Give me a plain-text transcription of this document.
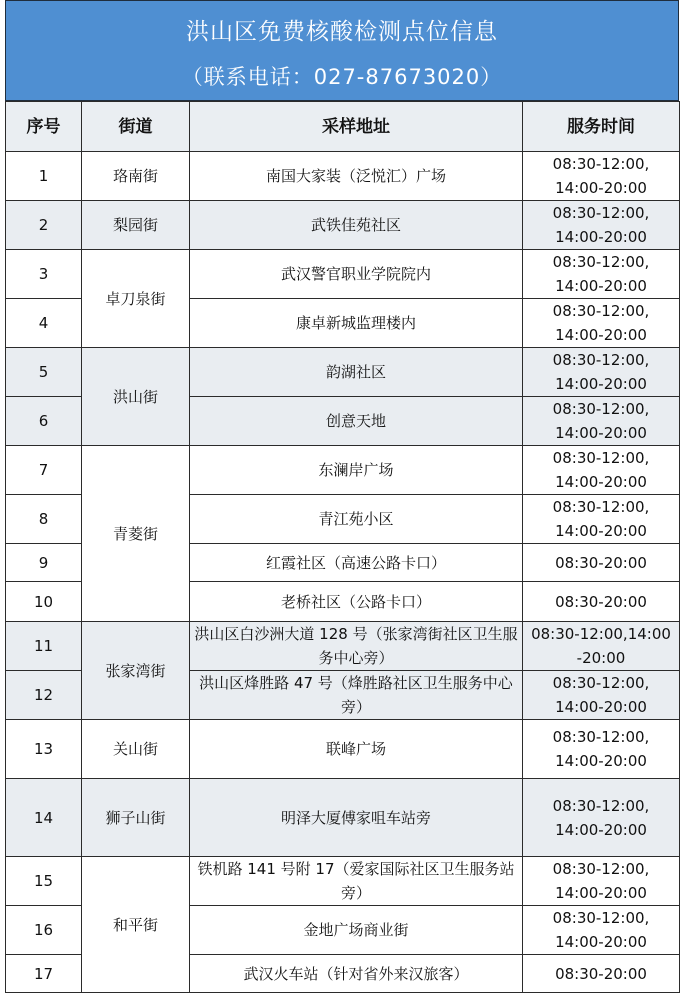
洪山区免费核酸检测点位信息
（联系电话：027-87673020）
序号	街道	采样地址	服务时间
1	珞南街	南国大家装（泛悦汇）广场	08:30-12:00,
14:00-20:00
2	梨园街	武铁佳苑社区	08:30-12:00,
14:00-20:00
3	卓刀泉街	武汉警官职业学院院内	08:30-12:00,
14:00-20:00
4		康卓新城监理楼内	08:30-12:00,
14:00-20:00
5	洪山街	韵湖社区	08:30-12:00,
14:00-20:00
6		创意天地	08:30-12:00,
14:00-20:00
7	青菱街	东澜岸广场	08:30-12:00,
14:00-20:00
8		青江苑小区	08:30-12:00,
14:00-20:00
9		红霞社区（高速公路卡口）	08:30-20:00
10		老桥社区（公路卡口）	08:30-20:00
11	张家湾街	洪山区白沙洲大道 128 号（张家湾街社区卫生服务中心旁）	08:30-12:00,14:00
-20:00
12		洪山区烽胜路 47 号（烽胜路社区卫生服务中心旁）	08:30-12:00,
14:00-20:00
13	关山街	联峰广场	08:30-12:00,
14:00-20:00
14	狮子山街	明泽大厦傅家咀车站旁	08:30-12:00,
14:00-20:00
15	和平街	铁机路 141 号附 17（爱家国际社区卫生服务站旁）	08:30-12:00,
14:00-20:00
16		金地广场商业街	08:30-12:00,
14:00-20:00
17		武汉火车站（针对省外来汉旅客）	08:30-20:00
